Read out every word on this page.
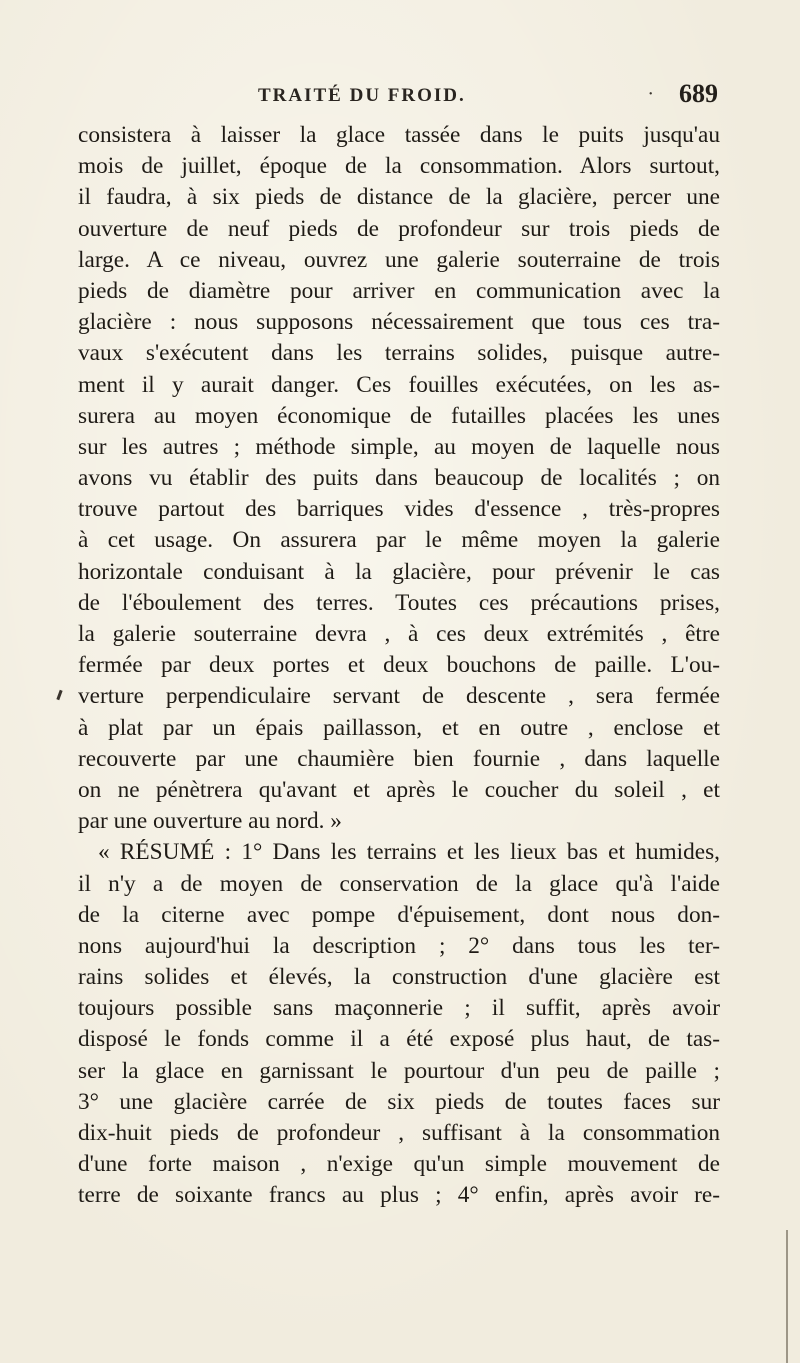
TRAITÉ DU FROID.	· 689
consistera à laisser la glace tassée dans le puits jusqu'au
mois de juillet, époque de la consommation. Alors surtout,
il faudra, à six pieds de distance de la glacière, percer une
ouverture de neuf pieds de profondeur sur trois pieds de
large. A ce niveau, ouvrez une galerie souterraine de trois
pieds de diamètre pour arriver en communication avec la
glacière : nous supposons nécessairement que tous ces tra-
vaux s'exécutent dans les terrains solides, puisque autre-
ment il y aurait danger. Ces fouilles exécutées, on les as-
surera au moyen économique de futailles placées les unes
sur les autres ; méthode simple, au moyen de laquelle nous
avons vu établir des puits dans beaucoup de localités ; on
trouve partout des barriques vides d'essence , très-propres
à cet usage. On assurera par le même moyen la galerie
horizontale conduisant à la glacière, pour prévenir le cas
de l'éboulement des terres. Toutes ces précautions prises,
la galerie souterraine devra , à ces deux extrémités , être
fermée par deux portes et deux bouchons de paille. L'ou-
verture perpendiculaire servant de descente , sera fermée
à plat par un épais paillasson, et en outre , enclose et
recouverte par une chaumière bien fournie , dans laquelle
on ne pénètrera qu'avant et après le coucher du soleil , et
par une ouverture au nord. »
« RÉSUMÉ : 1° Dans les terrains et les lieux bas et humides,
il n'y a de moyen de conservation de la glace qu'à l'aide
de la citerne avec pompe d'épuisement, dont nous don-
nons aujourd'hui la description ; 2° dans tous les ter-
rains solides et élevés, la construction d'une glacière est
toujours possible sans maçonnerie ; il suffit, après avoir
disposé le fonds comme il a été exposé plus haut, de tas-
ser la glace en garnissant le pourtour d'un peu de paille ;
3° une glacière carrée de six pieds de toutes faces sur
dix-huit pieds de profondeur , suffisant à la consommation
d'une forte maison , n'exige qu'un simple mouvement de
terre de soixante francs au plus ; 4° enfin, après avoir re-
